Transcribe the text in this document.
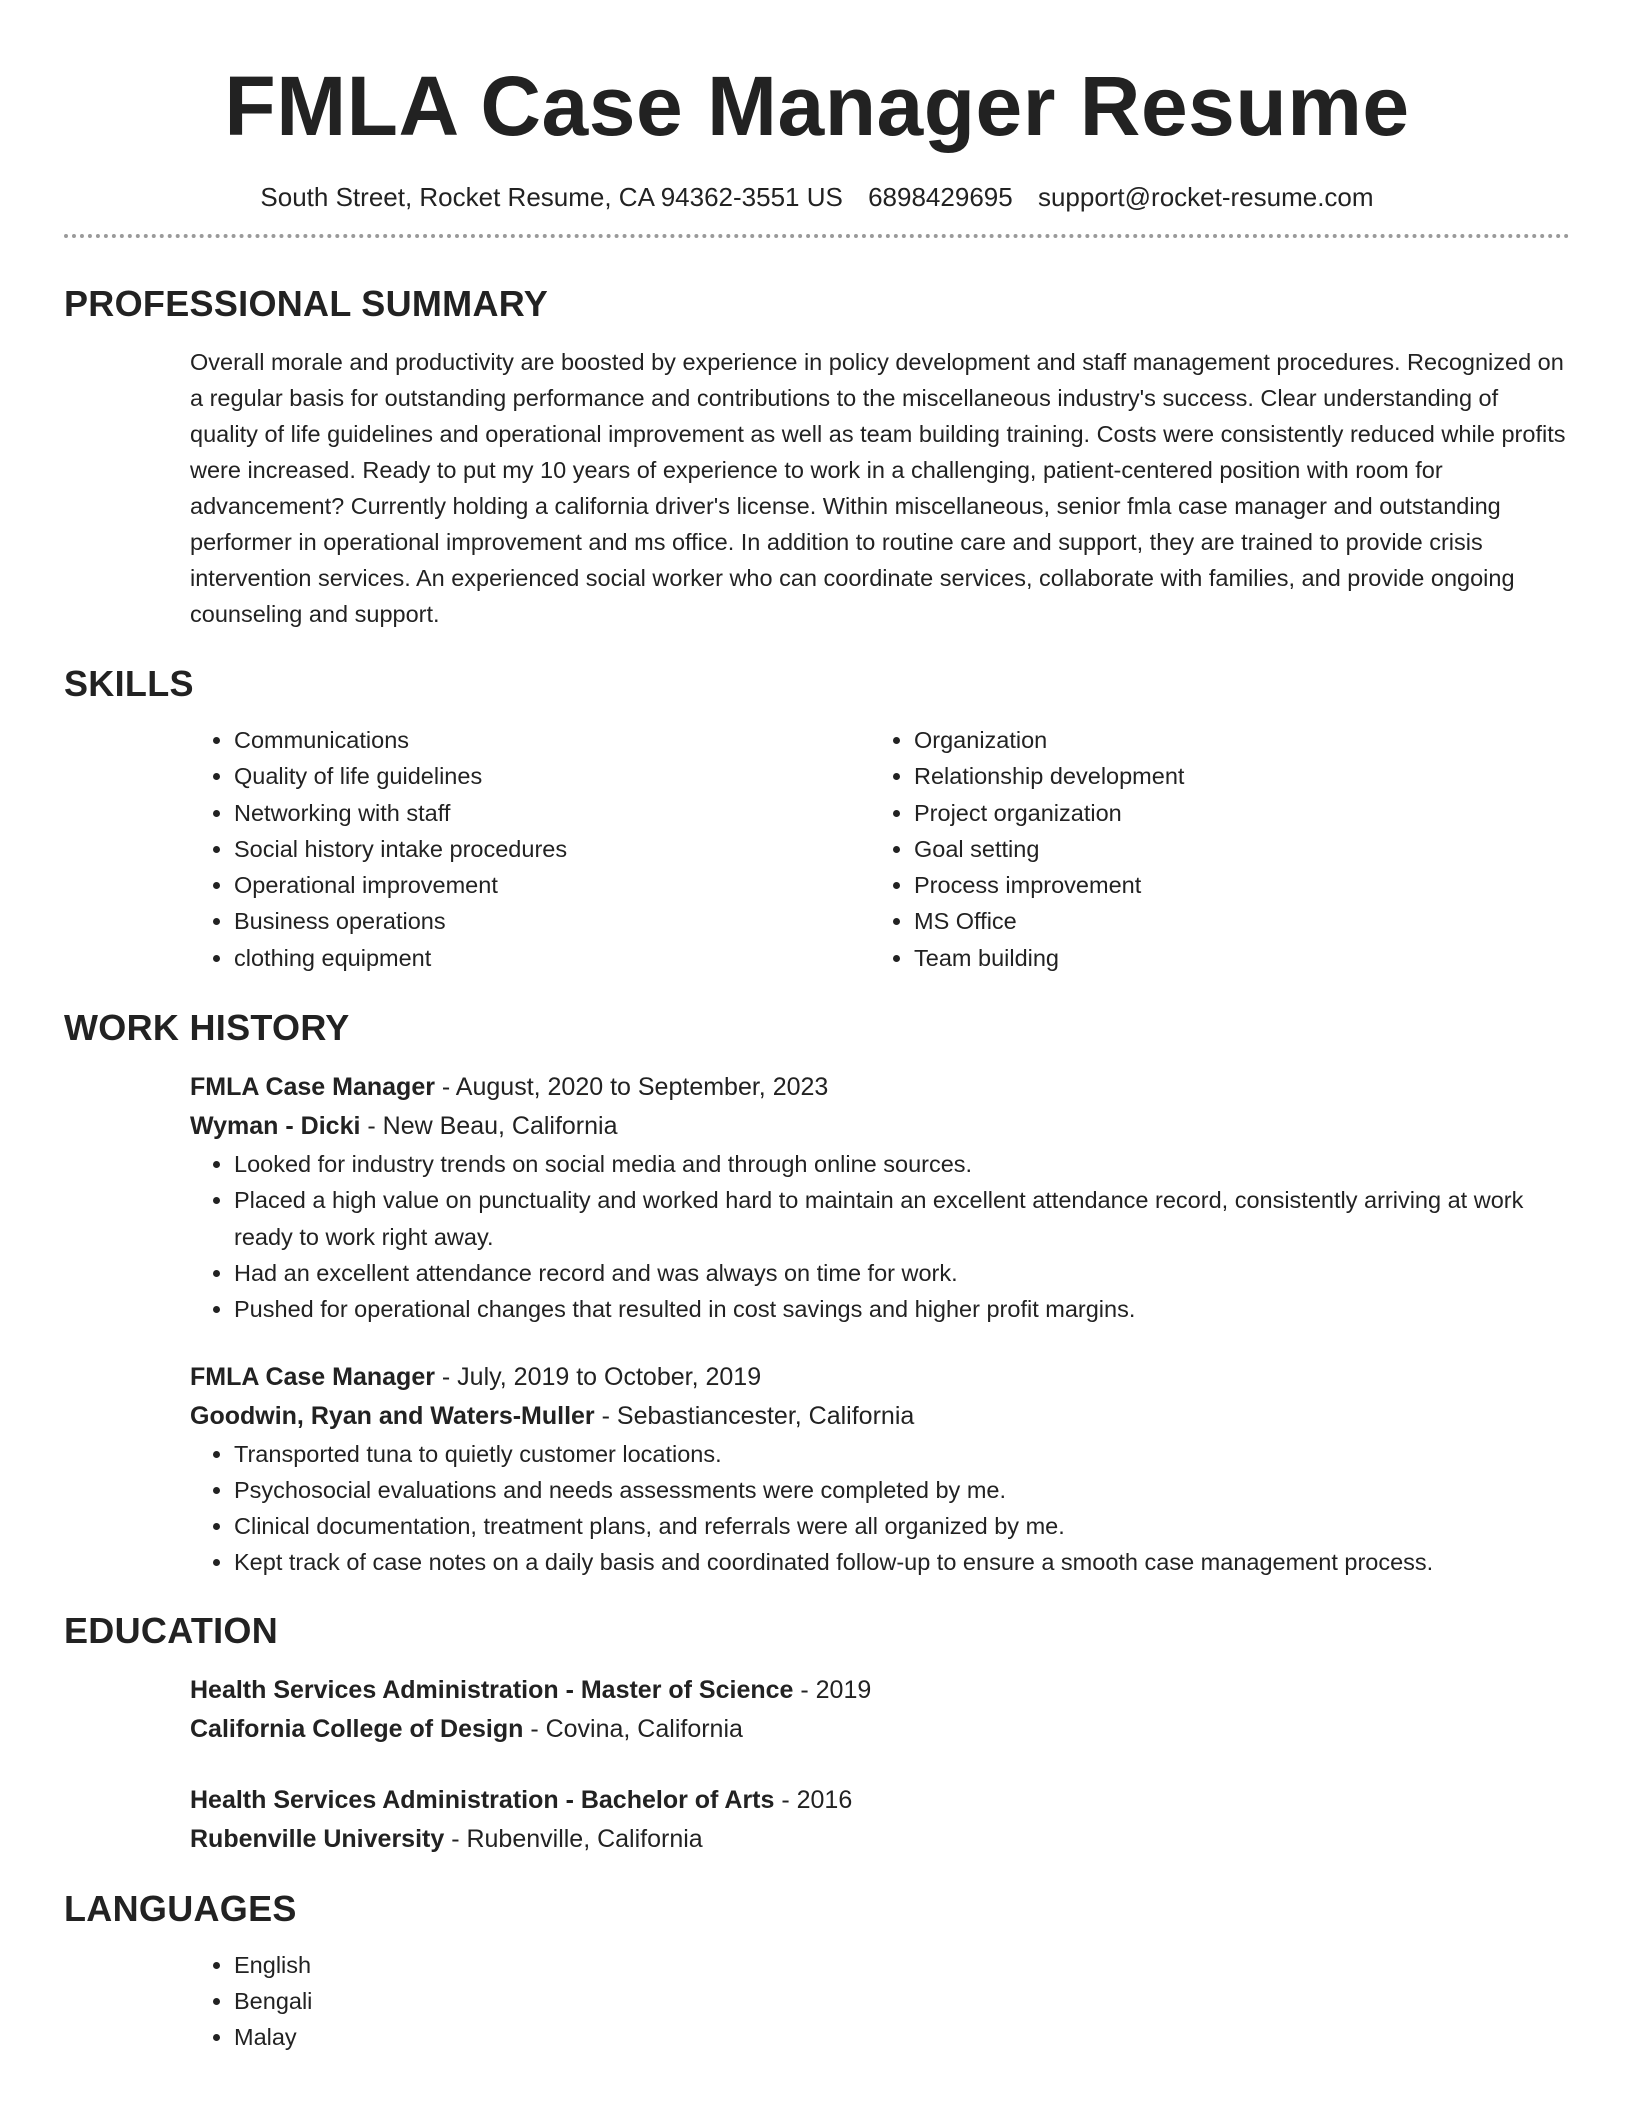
FMLA Case Manager Resume
South Street, Rocket Resume, CA 94362-3551 US 6898429695 support@rocket-resume.com
PROFESSIONAL SUMMARY

Overall morale and productivity are boosted by experience in policy development and staff management procedures. Recognized on a regular basis for outstanding performance and contributions to the miscellaneous industry's success. Clear understanding of quality of life guidelines and operational improvement as well as team building training. Costs were consistently reduced while profits were increased. Ready to put my 10 years of experience to work in a challenging, patient-centered position with room for advancement? Currently holding a california driver's license. Within miscellaneous, senior fmla case manager and outstanding performer in operational improvement and ms office. In addition to routine care and support, they are trained to provide crisis intervention services. An experienced social worker who can coordinate services, collaborate with families, and provide ongoing counseling and support.

SKILLS
• Communications
• Quality of life guidelines
• Networking with staff
• Social history intake procedures
• Operational improvement
• Business operations
• clothing equipment
• Organization
• Relationship development
• Project organization
• Goal setting
• Process improvement
• MS Office
• Team building
WORK HISTORY
FMLA Case Manager - August, 2020 to September, 2023
Wyman - Dicki - New Beau, California
• Looked for industry trends on social media and through online sources.
• Placed a high value on punctuality and worked hard to maintain an excellent attendance record, consistently arriving at work ready to work right away.
• Had an excellent attendance record and was always on time for work.
• Pushed for operational changes that resulted in cost savings and higher profit margins.
FMLA Case Manager - July, 2019 to October, 2019
Goodwin, Ryan and Waters-Muller - Sebastiancester, California
• Transported tuna to quietly customer locations.
• Psychosocial evaluations and needs assessments were completed by me.
• Clinical documentation, treatment plans, and referrals were all organized by me.
• Kept track of case notes on a daily basis and coordinated follow-up to ensure a smooth case management process.
EDUCATION
Health Services Administration - Master of Science - 2019
California College of Design - Covina, California
Health Services Administration - Bachelor of Arts - 2016
Rubenville University - Rubenville, California
LANGUAGES
• English
• Bengali
• Malay
